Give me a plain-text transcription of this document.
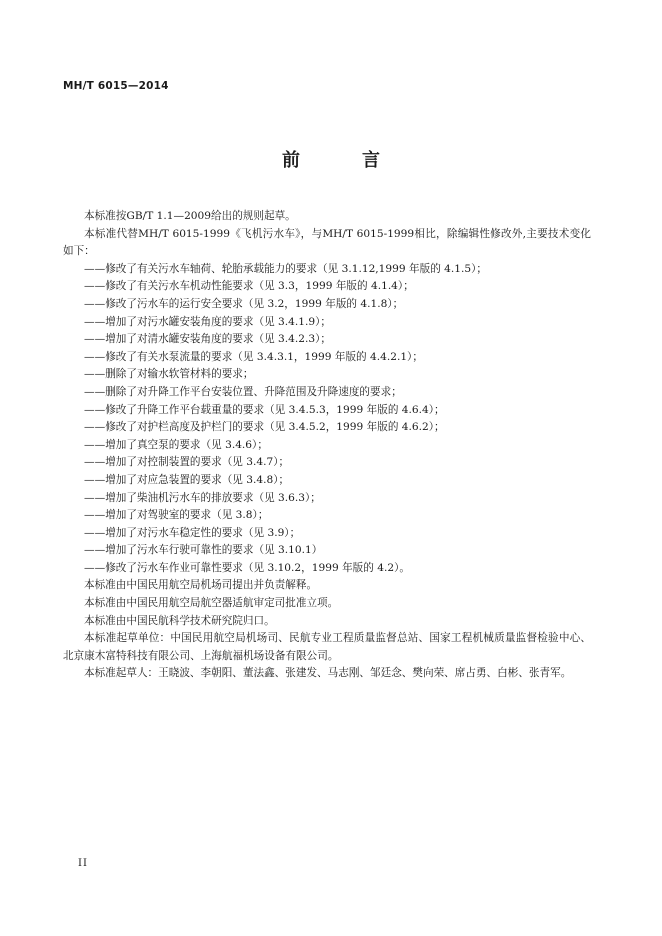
MH/T 6015—2014
前　言

本标准按GB/T 1.1—2009给出的规则起草。

本标准代替MH/T 6015-1999《飞机污水车》，与MH/T 6015-1999相比，除编辑性修改外,主要技术变化如下：

——修改了有关污水车轴荷、轮胎承载能力的要求（见 3.1.12,1999 年版的 4.1.5）；

——修改了有关污水车机动性能要求（见 3.3，1999 年版的 4.1.4）；

——修改了污水车的运行安全要求（见 3.2，1999 年版的 4.1.8）；

——增加了对污水罐安装角度的要求（见 3.4.1.9）；

——增加了对清水罐安装角度的要求（见 3.4.2.3）；

——修改了有关水泵流量的要求（见 3.4.3.1，1999 年版的 4.4.2.1）；

——删除了对输水软管材料的要求；

——删除了对升降工作平台安装位置、升降范围及升降速度的要求；

——修改了升降工作平台载重量的要求（见 3.4.5.3，1999 年版的 4.6.4）；

——修改了对护栏高度及护栏门的要求（见 3.4.5.2，1999 年版的 4.6.2）；

——增加了真空泵的要求（见 3.4.6）；

——增加了对控制装置的要求（见 3.4.7）；

——增加了对应急装置的要求（见 3.4.8）；

——增加了柴油机污水车的排放要求（见 3.6.3）；

——增加了对驾驶室的要求（见 3.8）；

——增加了对污水车稳定性的要求（见 3.9）；

——增加了污水车行驶可靠性的要求（见 3.10.1）

——修改了污水车作业可靠性要求（见 3.10.2，1999 年版的 4.2）。

本标准由中国民用航空局机场司提出并负责解释。

本标准由中国民用航空局航空器适航审定司批准立项。

本标准由中国民航科学技术研究院归口。

本标准起草单位：中国民用航空局机场司、民航专业工程质量监督总站、国家工程机械质量监督检验中心、北京康木富特科技有限公司、上海航福机场设备有限公司。

本标准起草人：王晓波、李朝阳、董法鑫、张建发、马志刚、邹廷念、樊向荣、席占勇、白彬、张青军。

II
